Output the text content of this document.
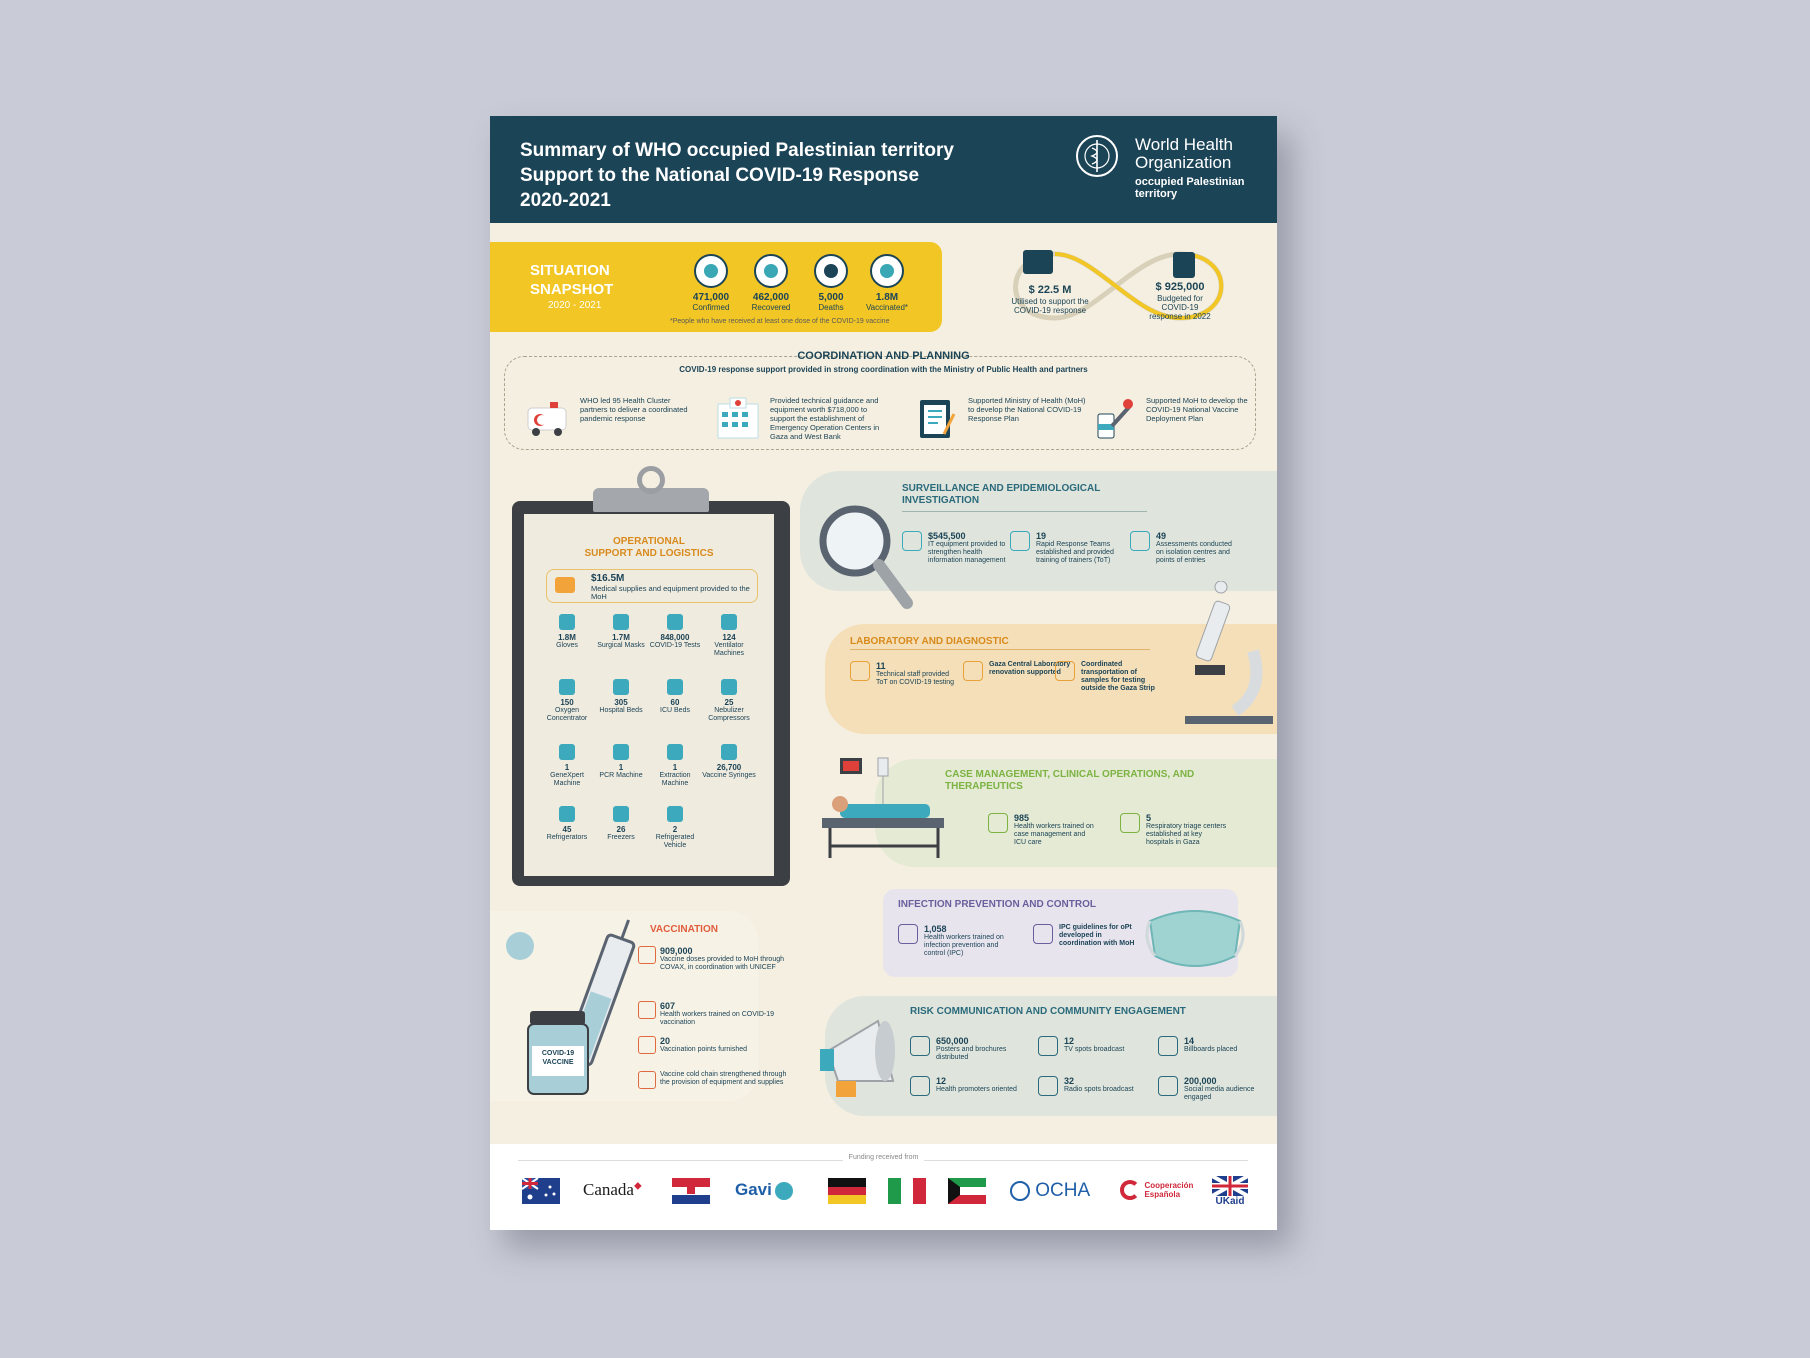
Summary of WHO occupied Palestinian territory
Support to the National COVID-19 Response
2020-2021
World Health
Organization
occupied Palestinian
territory
SITUATION
SNAPSHOT
2020 - 2021
471,000
Confirmed
462,000
Recovered
5,000
Deaths
1.8M
Vaccinated*
*People who have received at least one dose of the COVID-19 vaccine
$ 22.5 M
Utilised to support the COVID-19 response
$ 925,000
Budgeted for COVID-19 response in 2022
COORDINATION AND PLANNING
COVID-19 response support provided in strong coordination with the Ministry of Public Health and partners
WHO led 95 Health Cluster partners to deliver a coordinated pandemic response
Provided technical guidance and equipment worth $718,000 to support the establishment of Emergency Operation Centers in Gaza and West Bank
Supported Ministry of Health (MoH) to develop the National COVID-19 Response Plan
Supported MoH to develop the COVID-19 National Vaccine Deployment Plan
OPERATIONAL
SUPPORT AND LOGISTICS
$16.5M
Medical supplies and equipment provided to the MoH
1.8M
Gloves
1.7M
Surgical Masks
848,000
COVID-19 Tests
124
Ventilator Machines
150
Oxygen Concentrator
305
Hospital Beds
60
ICU Beds
25
Nebulizer Compressors
1
GeneXpert Machine
1
PCR Machine
1
Extraction Machine
26,700
Vaccine Syringes
45
Refrigerators
26
Freezers
2
Refrigerated Vehicle
SURVEILLANCE AND EPIDEMIOLOGICAL
INVESTIGATION
$545,500
IT equipment provided to strengthen health information management
19
Rapid Response Teams established and provided training of trainers (ToT)
49
Assessments conducted on isolation centres and points of entries
LABORATORY AND DIAGNOSTIC
11
Technical staff provided ToT on COVID-19 testing
Gaza Central Laboratory renovation supported
Coordinated transportation of samples for testing outside the Gaza Strip
CASE MANAGEMENT, CLINICAL OPERATIONS, AND
THERAPEUTICS
985
Health workers trained on case management and ICU care
5
Respiratory triage centers established at key hospitals in Gaza
INFECTION PREVENTION AND CONTROL
1,058
Health workers trained on infection prevention and control (IPC)
IPC guidelines for oPt developed in coordination with MoH
RISK COMMUNICATION AND COMMUNITY ENGAGEMENT
650,000
Posters and brochures distributed
12
TV spots broadcast
14
Billboards placed
12
Health promoters oriented
32
Radio spots broadcast
200,000
Social media audience engaged
VACCINATION
COVID-19
VACCINE
909,000
Vaccine doses provided to MoH through COVAX, in coordination with UNICEF
607
Health workers trained on COVID-19 vaccination
20
Vaccination points furnished
Vaccine cold chain strengthened through the provision of equipment and supplies
Funding received from
Canada◆	Gavi	OCHA	Cooperación Española
UKaid
